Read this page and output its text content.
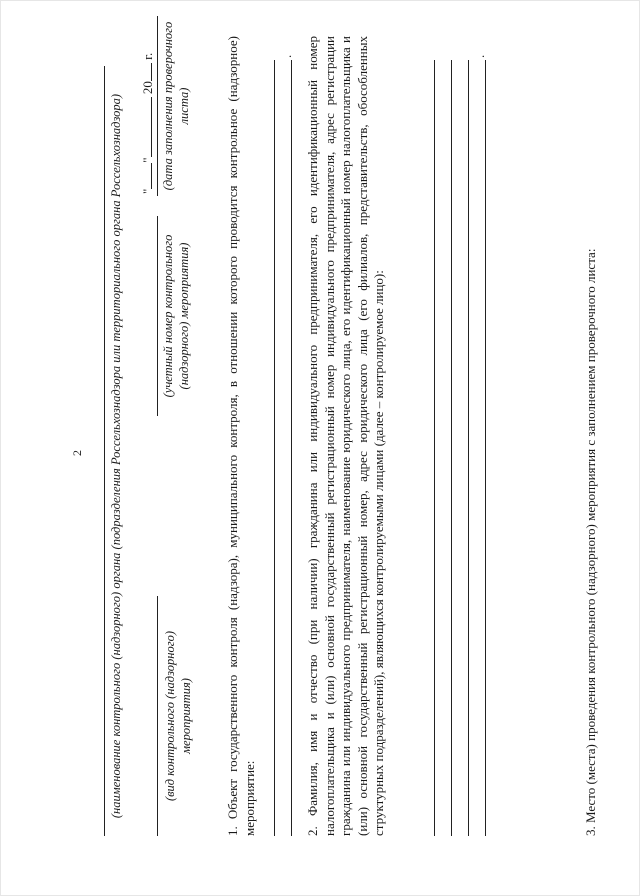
2 (наименование контрольного (надзорного) органа (подразделения Россельхознадзора или территориального органа Россельхознадзора)	(вид контрольного (надзорного) мероприятия)
(учетный номер контрольного (надзорного) мероприятия)
"" 20 г. (дата заполнения проверочного листа)	1. Объект государственного контроля (надзора), муниципального контроля, в отношении которого проводится контрольное (надзорное) мероприятие:
. 2. Фамилия, имя и отчество (при наличии) гражданина или индивидуального предпринимателя, его идентификационный номер налогоплательщика и (или) основной государственный регистрационный номер индивидуального предпринимателя, адрес регистрации гражданина или индивидуального предпринимателя, наименование юридического лица, его идентификационный номер налогоплательщика и (или) основной государственный регистрационный номер, адрес юридического лица (его филиалов, представительств, обособленных структурных подразделений), являющихся контролируемыми лицами (далее – контролируемое лицо):
.
3. Место (места) проведения контрольного (надзорного) мероприятия с заполнением проверочного листа:
